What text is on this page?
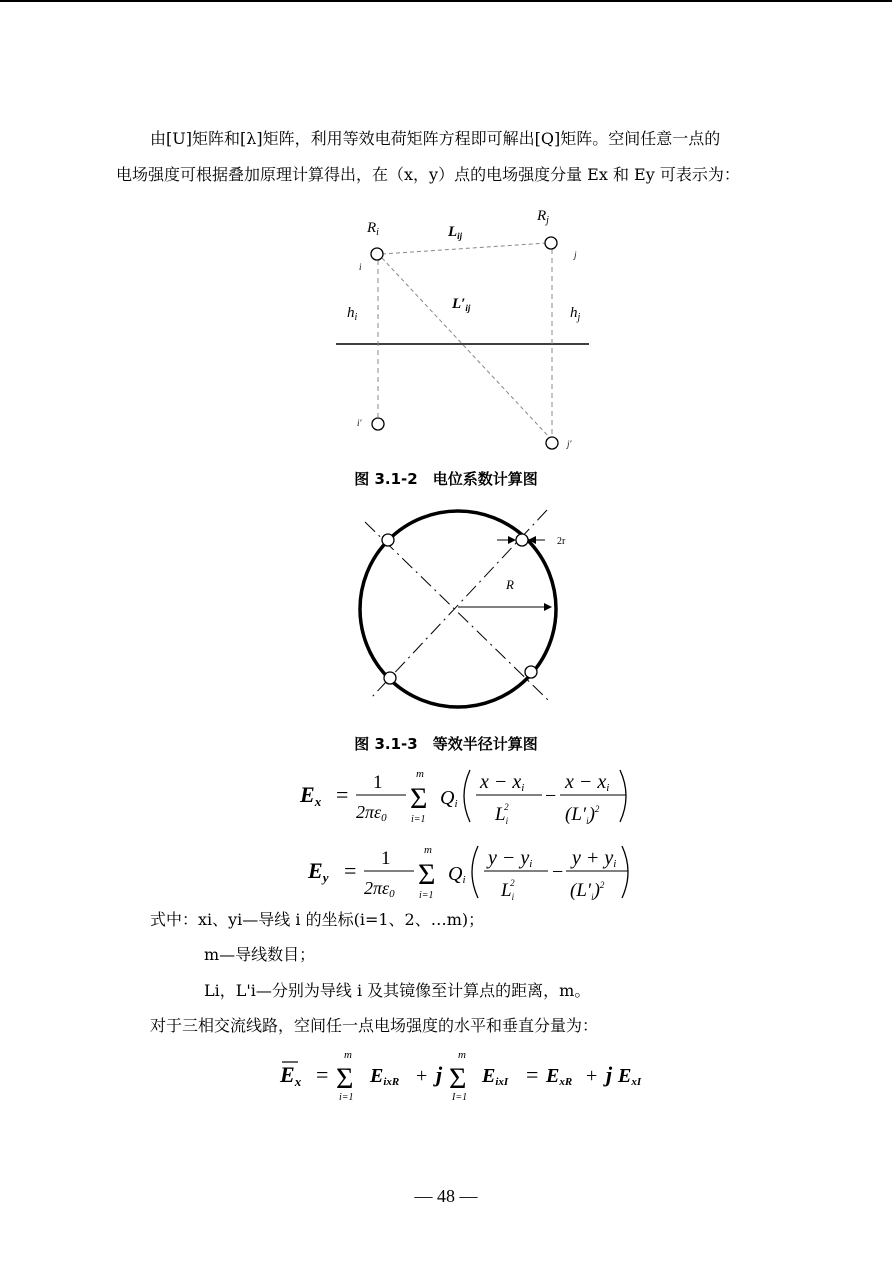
由[U]矩阵和[λ]矩阵，利用等效电荷矩阵方程即可解出[Q]矩阵。空间任意一点的
电场强度可根据叠加原理计算得出，在（x，y）点的电场强度分量 Ex 和 Ey 可表示为：
$R_i$
$R_j$
$L_{ij}$
$L'_{ij}$
$h_i$	$h_j$
i
j
i′
j′
图 3.1-2　电位系数计算图
R
2r
图 3.1-3　等效半径计算图
Ex = 1
2πε0
m
Σ
i=1
Qi
x − xi
$L_i2$ −
x − xi
$(L'_i)^2$
Ey = 1
2πε0
m
Σ
i=1
Qi
y − yi
$L_i2$ −
y + yi
$(L'_i)^2$
式中：xi、yi—导线 i 的坐标(i=1、2、…m)；
m—导线数目；
Li，L'i—分别为导线 i 及其镜像至计算点的距离，m。
对于三相交流线路，空间任一点电场强度的水平和垂直分量为：
Ex =
m
Σ
i=1
EixR + j
m
Σ
I=1
EixI = ExR + j ExI
— 48 —
